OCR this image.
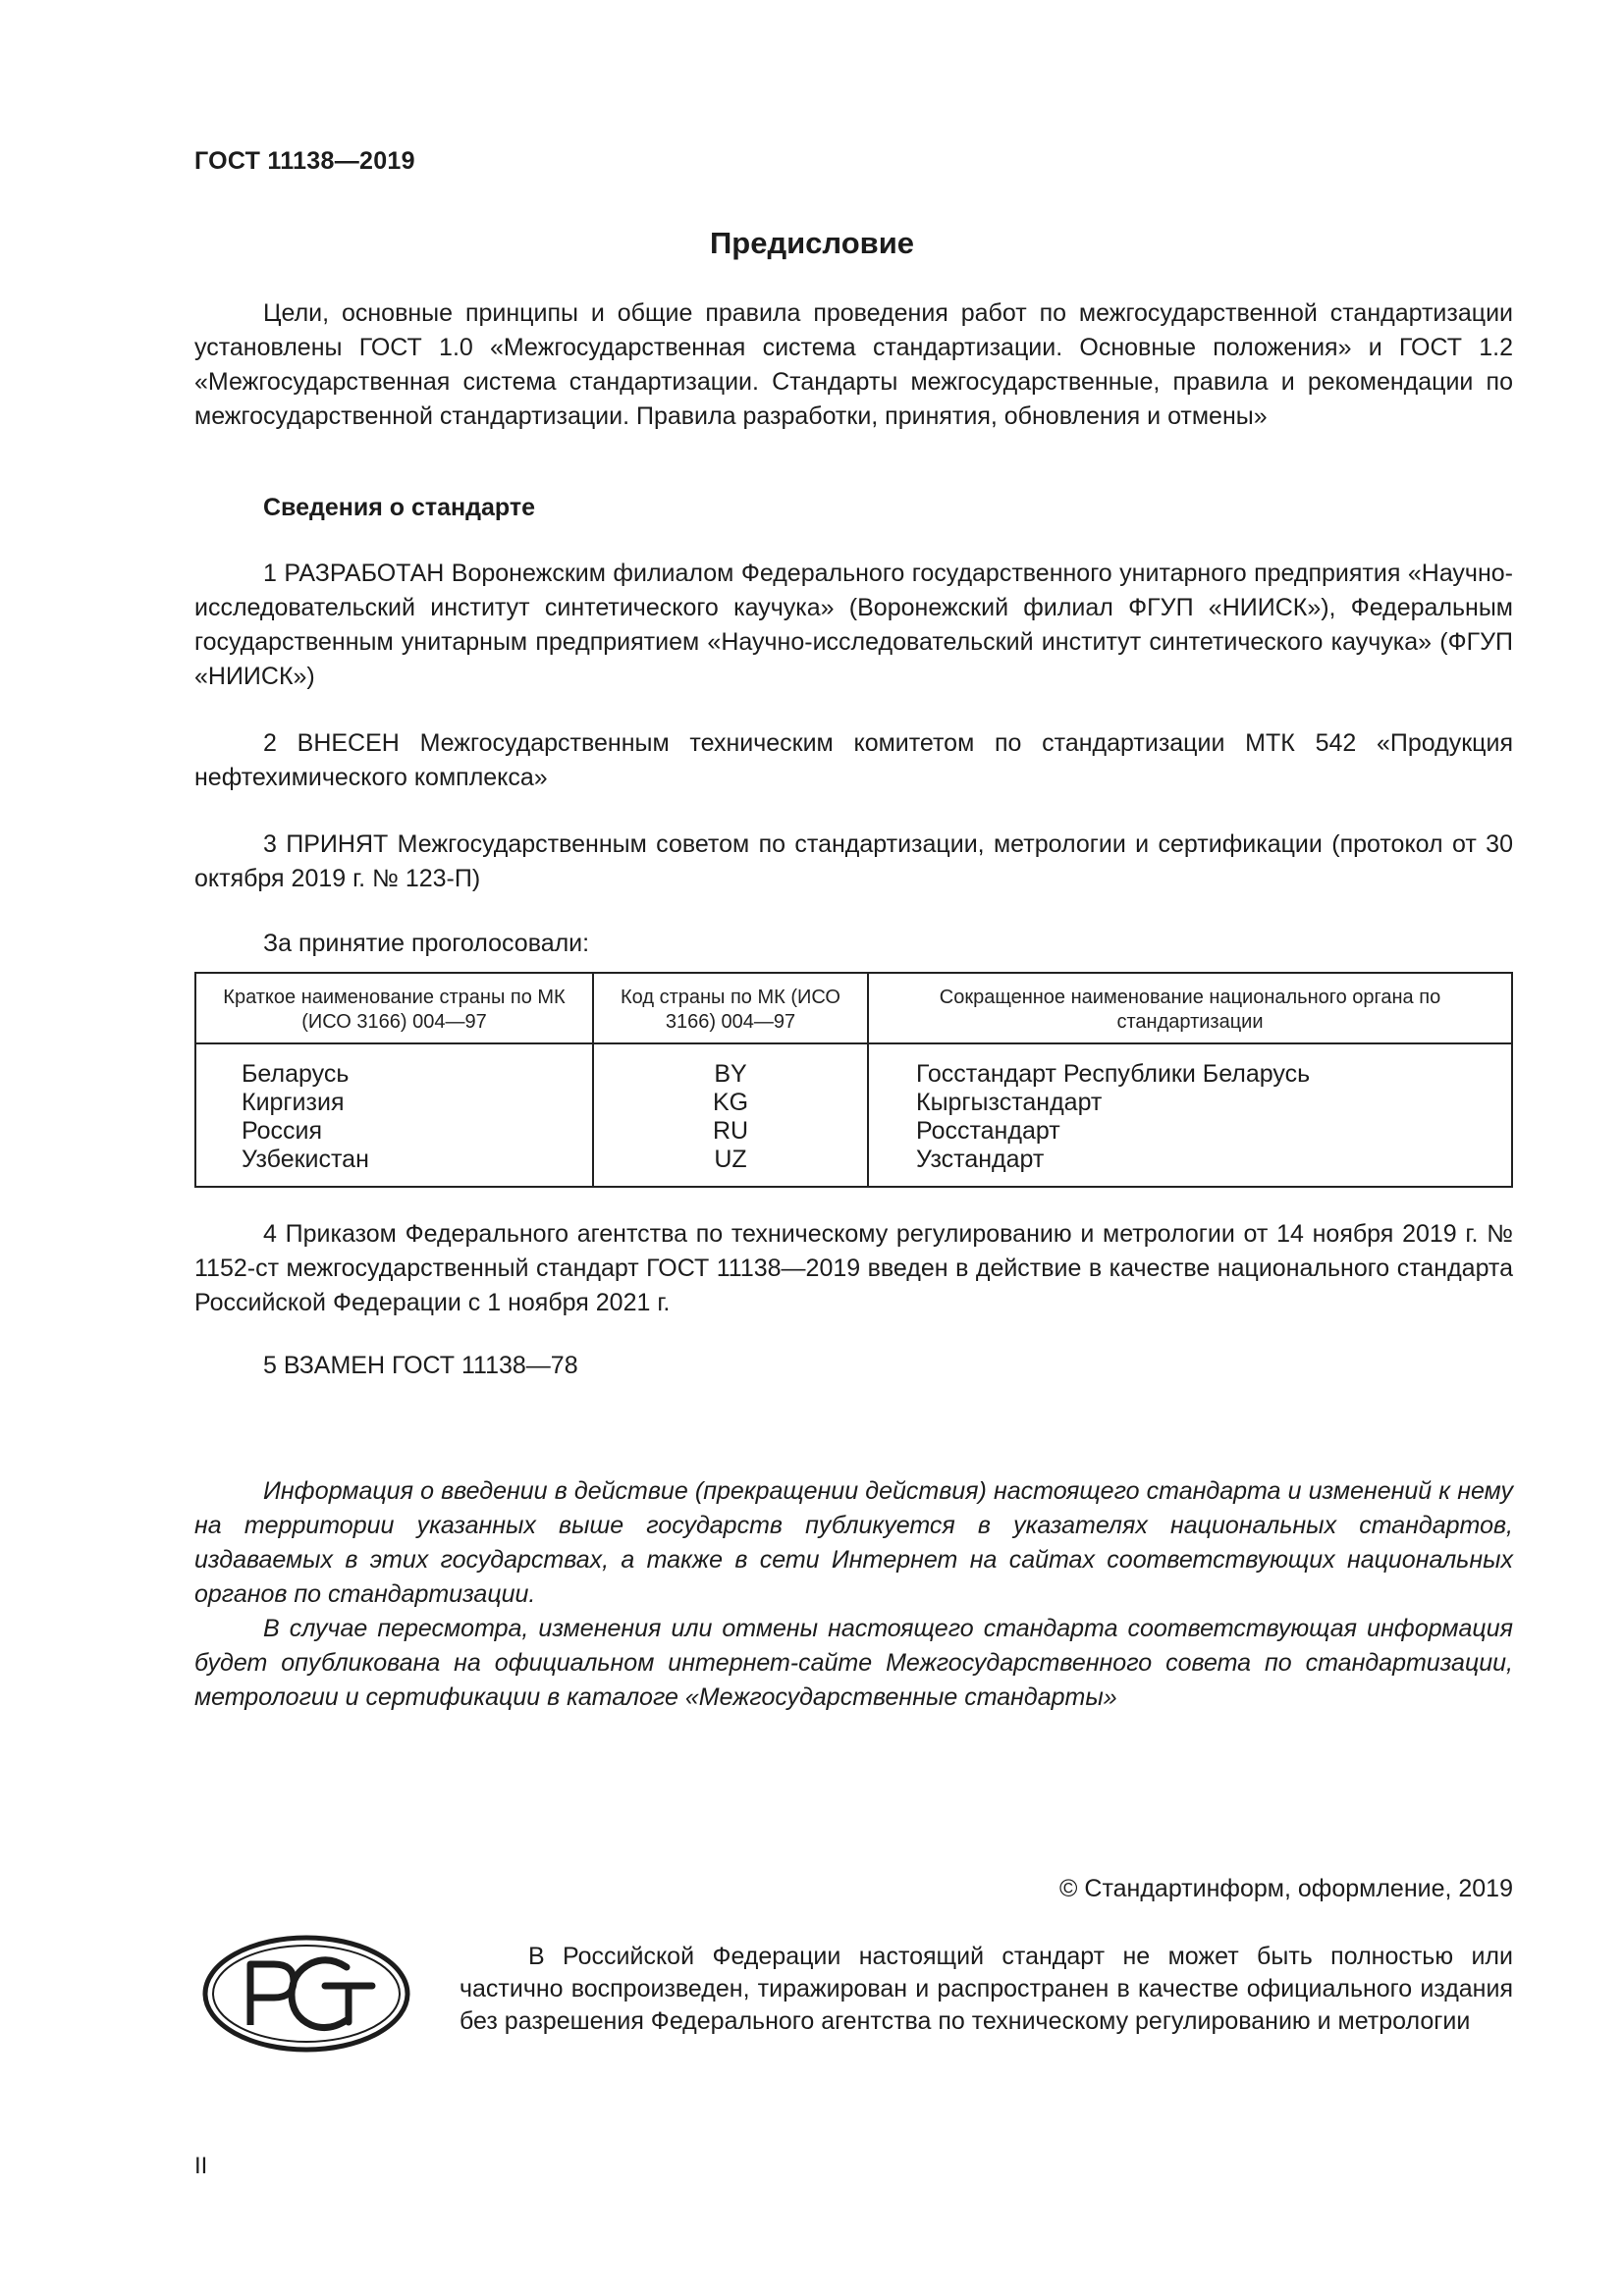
ГОСТ 11138—2019
Предисловие

Цели, основные принципы и общие правила проведения работ по межгосударственной стандартизации установлены ГОСТ 1.0 «Межгосударственная система стандартизации. Основные положения» и ГОСТ 1.2 «Межгосударственная система стандартизации. Стандарты межгосударственные, правила и рекомендации по межгосударственной стандартизации. Правила разработки, принятия, обновления и отмены»

Сведения о стандарте

1 РАЗРАБОТАН Воронежским филиалом Федерального государственного унитарного предприятия «Научно-исследовательский институт синтетического каучука» (Воронежский филиал ФГУП «НИИСК»), Федеральным государственным унитарным предприятием «Научно-исследовательский институт синтетического каучука» (ФГУП «НИИСК»)

2 ВНЕСЕН Межгосударственным техническим комитетом по стандартизации МТК 542 «Продукция нефтехимического комплекса»

3 ПРИНЯТ Межгосударственным советом по стандартизации, метрологии и сертификации (протокол от 30 октября 2019 г. № 123-П)

За принятие проголосовали:
Краткое наименование страны по МК (ИСО 3166) 004—97	Код страны по МК (ИСО 3166) 004—97	Сокращенное наименование национального органа по стандартизации
Беларусь	BY	Госстандарт Республики Беларусь
Киргизия	KG	Кыргызстандарт
Россия	RU	Росстандарт
Узбекистан	UZ	Узстандарт

4 Приказом Федерального агентства по техническому регулированию и метрологии от 14 ноября 2019 г. № 1152-ст межгосударственный стандарт ГОСТ 11138—2019 введен в действие в качестве национального стандарта Российской Федерации с 1 ноября 2021 г.

5 ВЗАМЕН ГОСТ 11138—78

Информация о введении в действие (прекращении действия) настоящего стандарта и изменений к нему на территории указанных выше государств публикуется в указателях национальных стандартов, издаваемых в этих государствах, а также в сети Интернет на сайтах соответствующих национальных органов по стандартизации.

В случае пересмотра, изменения или отмены настоящего стандарта соответствующая информация будет опубликована на официальном интернет-сайте Межгосударственного совета по стандартизации, метрологии и сертификации в каталоге «Межгосударственные стандарты»

© Стандартинформ, оформление, 2019

В Российской Федерации настоящий стандарт не может быть полностью или частично воспроизведен, тиражирован и распространен в качестве официального издания без разрешения Федерального агентства по техническому регулированию и метрологии

II
